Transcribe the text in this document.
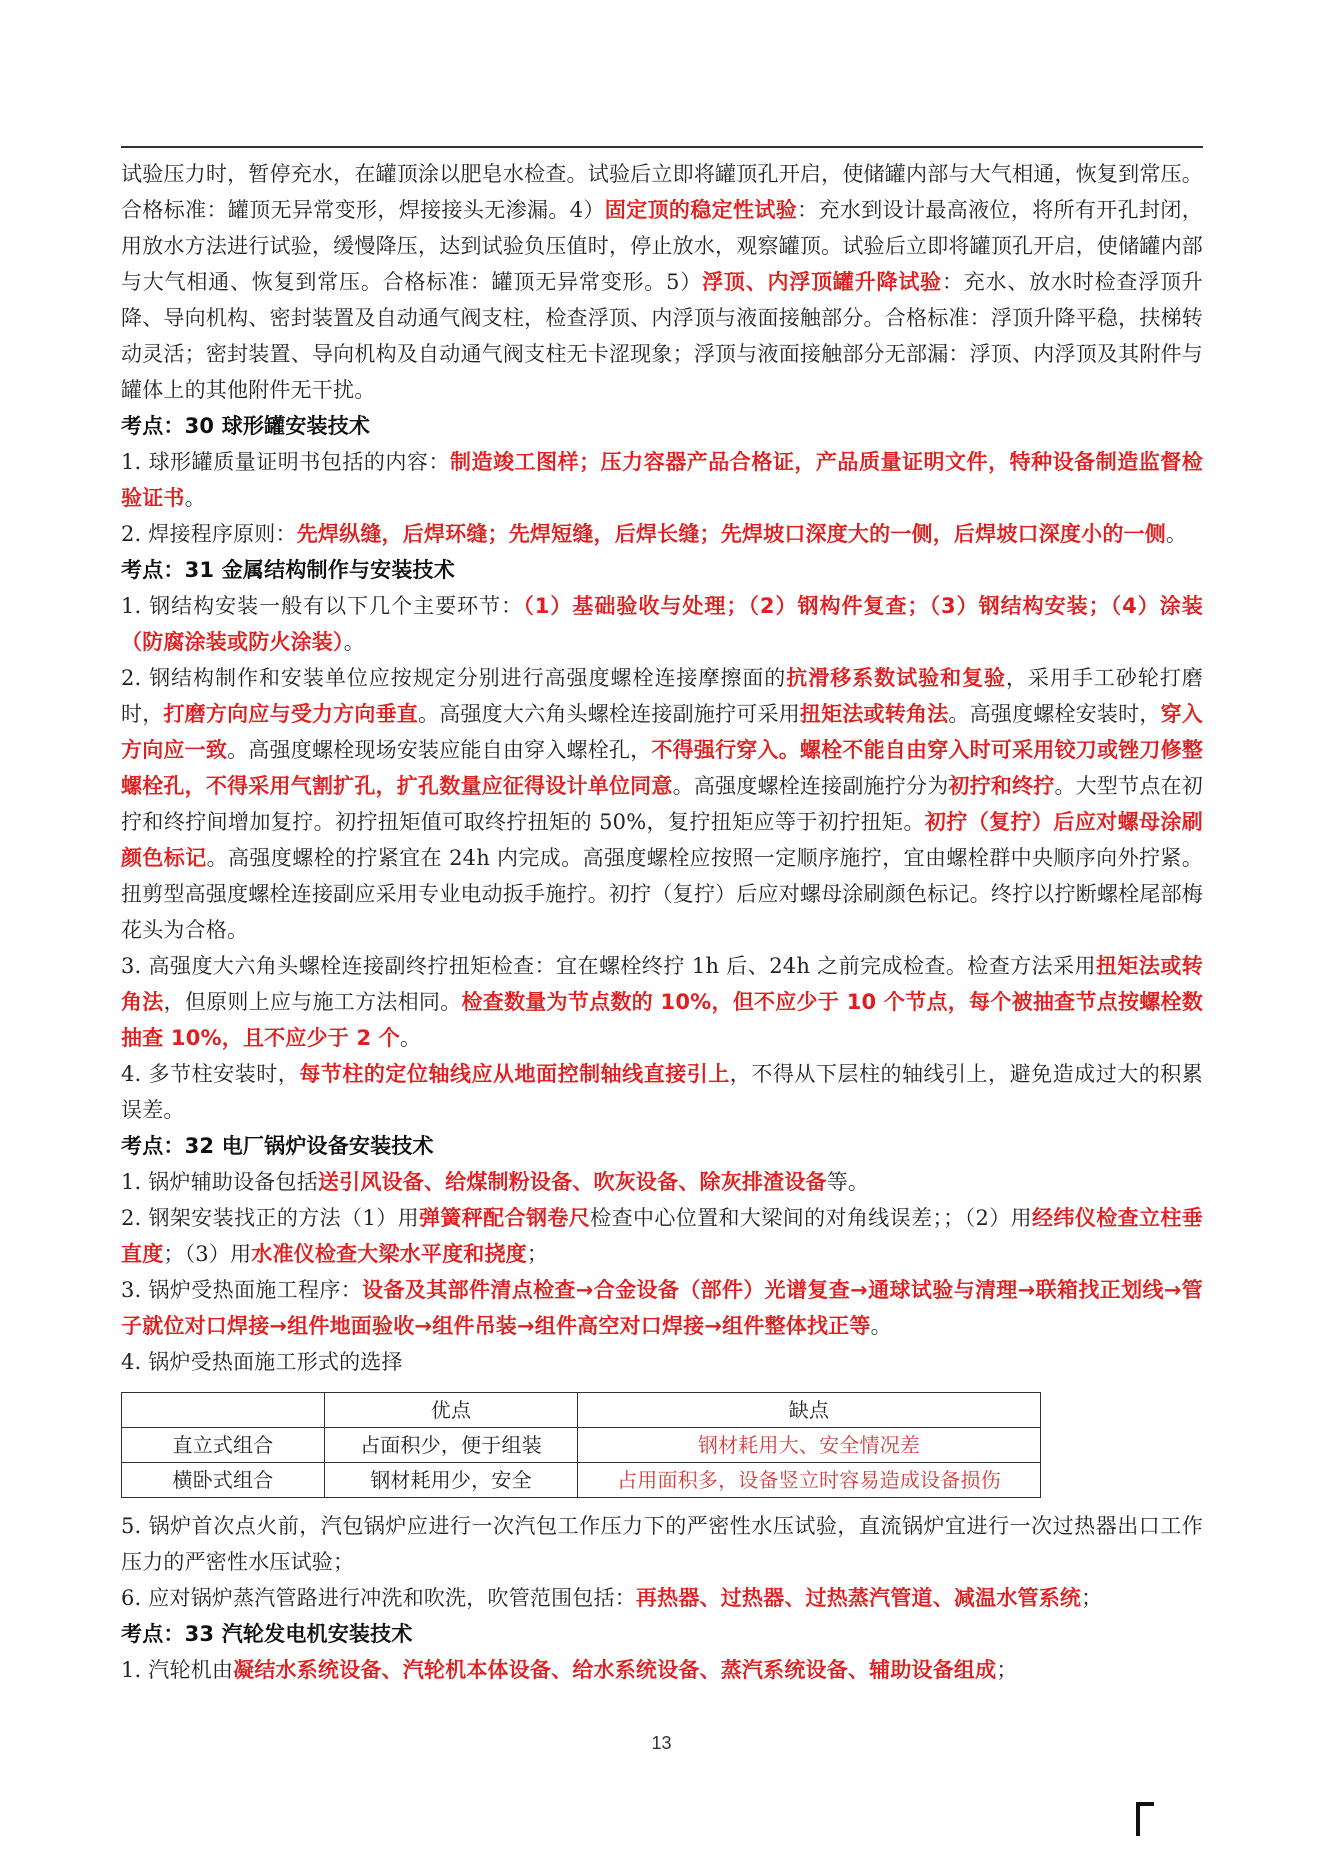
试验压力时，暂停充水，在罐顶涂以肥皂水检查。试验后立即将罐顶孔开启，使储罐内部与大气相通，恢复到常压。合格标准：罐顶无异常变形，焊接接头无渗漏。4）固定顶的稳定性试验：充水到设计最高液位，将所有开孔封闭，用放水方法进行试验，缓慢降压，达到试验负压值时，停止放水，观察罐顶。试验后立即将罐顶孔开启，使储罐内部与大气相通、恢复到常压。合格标准：罐顶无异常变形。5）浮顶、内浮顶罐升降试验：充水、放水时检查浮顶升降、导向机构、密封装置及自动通气阀支柱，检查浮顶、内浮顶与液面接触部分。合格标准：浮顶升降平稳，扶梯转动灵活；密封装置、导向机构及自动通气阀支柱无卡涩现象；浮顶与液面接触部分无部漏：浮顶、内浮顶及其附件与罐体上的其他附件无干扰。

考点：30 球形罐安装技术

1. 球形罐质量证明书包括的内容：制造竣工图样；压力容器产品合格证，产品质量证明文件，特种设备制造监督检验证书。

2. 焊接程序原则：先焊纵缝，后焊环缝；先焊短缝，后焊长缝；先焊坡口深度大的一侧，后焊坡口深度小的一侧。

考点：31 金属结构制作与安装技术

1. 钢结构安装一般有以下几个主要环节：（1）基础验收与处理；（2）钢构件复查；（3）钢结构安装；（4）涂装（防腐涂装或防火涂装）。

2. 钢结构制作和安装单位应按规定分别进行高强度螺栓连接摩擦面的抗滑移系数试验和复验，采用手工砂轮打磨时，打磨方向应与受力方向垂直。高强度大六角头螺栓连接副施拧可采用扭矩法或转角法。高强度螺栓安装时，穿入方向应一致。高强度螺栓现场安装应能自由穿入螺栓孔，不得强行穿入。螺栓不能自由穿入时可采用铰刀或锉刀修整螺栓孔，不得采用气割扩孔，扩孔数量应征得设计单位同意。高强度螺栓连接副施拧分为初拧和终拧。大型节点在初拧和终拧间增加复拧。初拧扭矩值可取终拧扭矩的 50%，复拧扭矩应等于初拧扭矩。初拧（复拧）后应对螺母涂刷颜色标记。高强度螺栓的拧紧宜在 24h 内完成。高强度螺栓应按照一定顺序施拧，宜由螺栓群中央顺序向外拧紧。扭剪型高强度螺栓连接副应采用专业电动扳手施拧。初拧（复拧）后应对螺母涂刷颜色标记。终拧以拧断螺栓尾部梅花头为合格。

3. 高强度大六角头螺栓连接副终拧扭矩检查：宜在螺栓终拧 1h 后、24h 之前完成检查。检查方法采用扭矩法或转角法，但原则上应与施工方法相同。检查数量为节点数的 10%，但不应少于 10 个节点，每个被抽查节点按螺栓数抽查 10%，且不应少于 2 个。

4. 多节柱安装时，每节柱的定位轴线应从地面控制轴线直接引上，不得从下层柱的轴线引上，避免造成过大的积累误差。

考点：32 电厂锅炉设备安装技术

1. 锅炉辅助设备包括送引风设备、给煤制粉设备、吹灰设备、除灰排渣设备等。

2. 钢架安装找正的方法（1）用弹簧秤配合钢卷尺检查中心位置和大梁间的对角线误差；；（2）用经纬仪检查立柱垂直度；（3）用水准仪检查大梁水平度和挠度；

3. 锅炉受热面施工程序：设备及其部件清点检查→合金设备（部件）光谱复查→通球试验与清理→联箱找正划线→管子就位对口焊接→组件地面验收→组件吊装→组件高空对口焊接→组件整体找正等。

4. 锅炉受热面施工形式的选择

	优点	缺点
直立式组合	占面积少，便于组装	钢材耗用大、安全情况差
横卧式组合	钢材耗用少，安全	占用面积多，设备竖立时容易造成设备损伤

5. 锅炉首次点火前，汽包锅炉应进行一次汽包工作压力下的严密性水压试验，直流锅炉宜进行一次过热器出口工作压力的严密性水压试验；

6. 应对锅炉蒸汽管路进行冲洗和吹洗，吹管范围包括：再热器、过热器、过热蒸汽管道、减温水管系统；

考点：33 汽轮发电机安装技术

1. 汽轮机由凝结水系统设备、汽轮机本体设备、给水系统设备、蒸汽系统设备、辅助设备组成；

13
